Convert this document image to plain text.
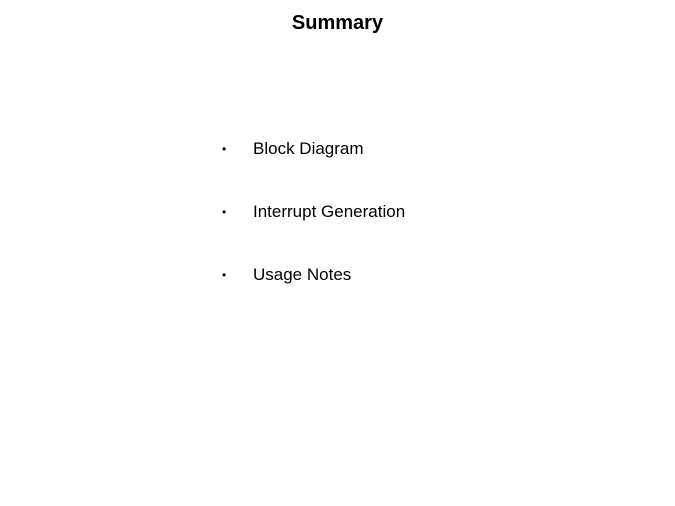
Summary
•	Block Diagram
•	Interrupt Generation
•	Usage Notes
